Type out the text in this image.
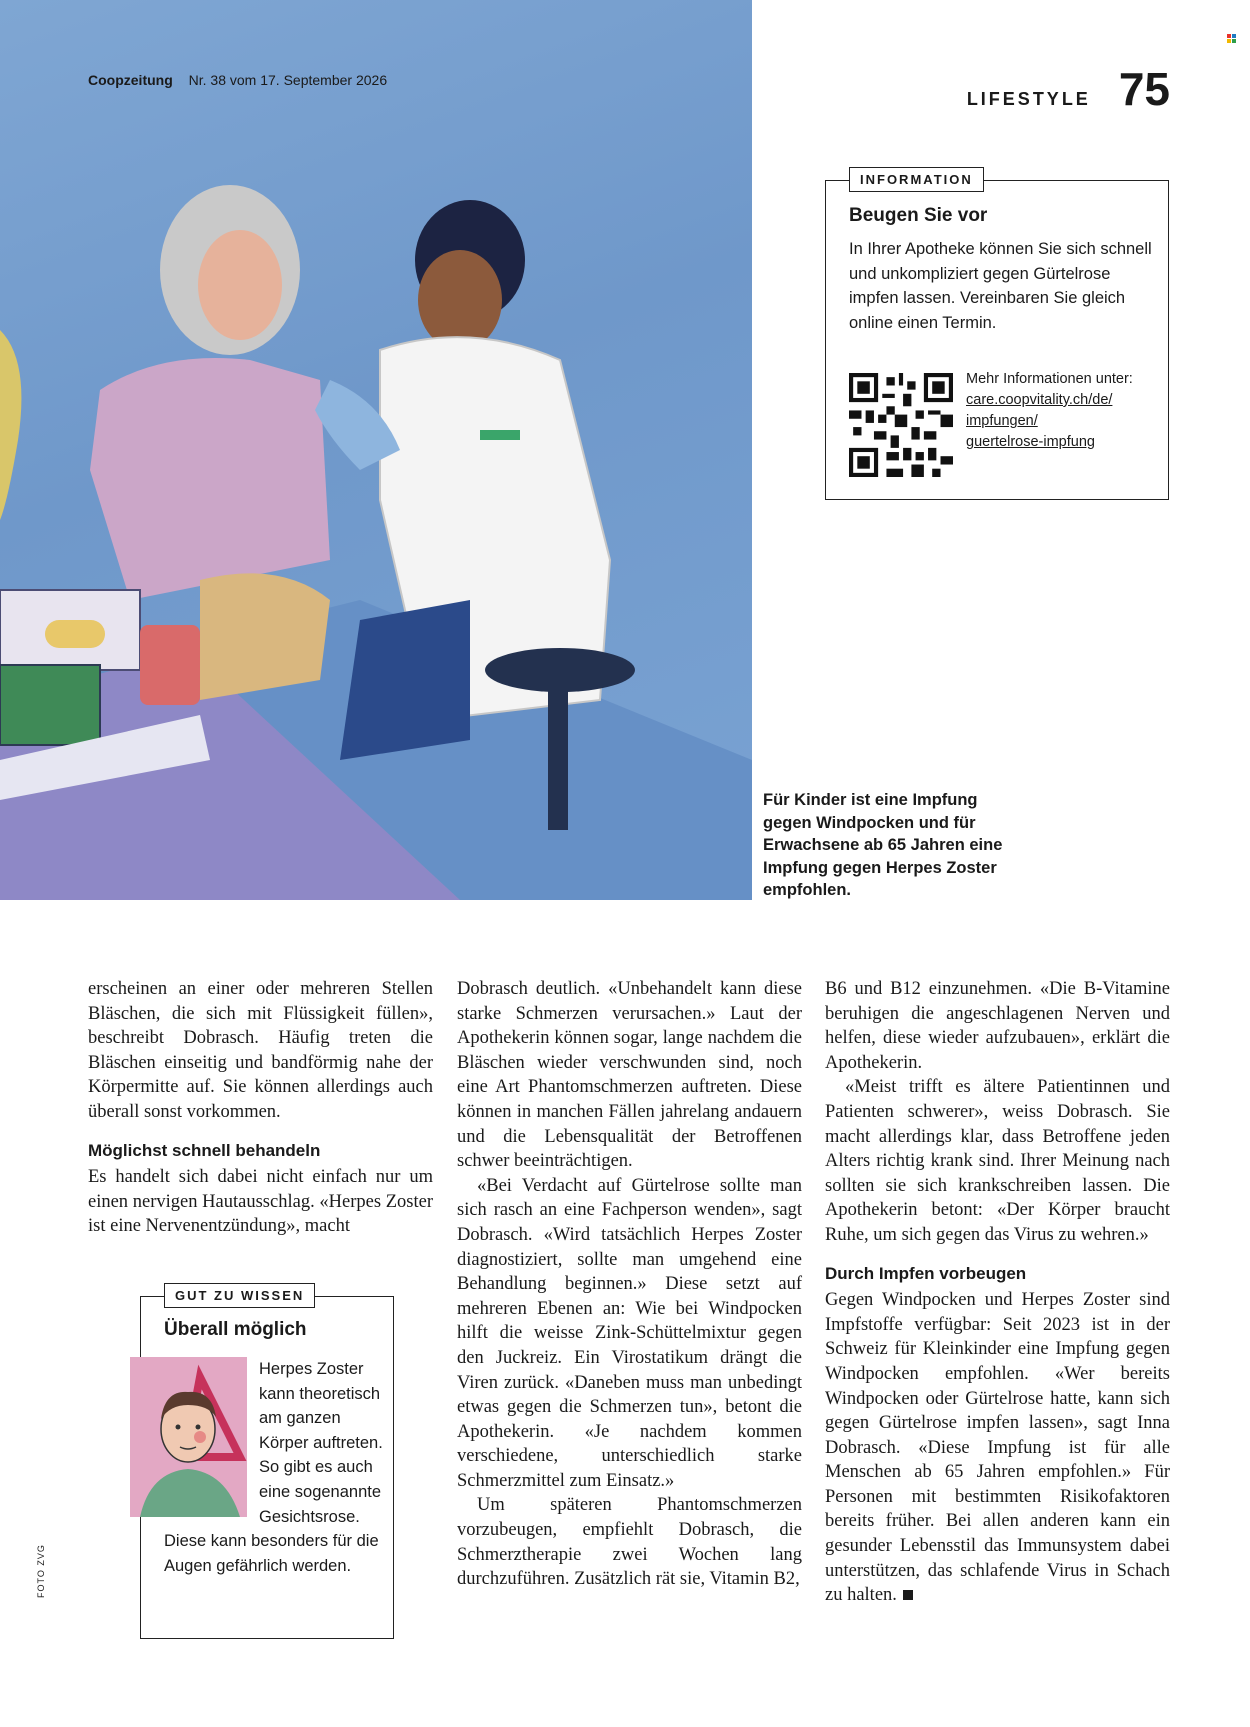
Coopzeitung Nr. 38 vom 17. September 2026
LIFESTYLE 75
INFORMATION
Beugen Sie vor
In Ihrer Apotheke können Sie sich schnell und unkompliziert gegen Gürtelrose impfen lassen. Vereinbaren Sie gleich online einen Termin.
Mehr Informationen unter:
care.coopvitality.ch/de/
impfungen/
guertelrose-impfung
Für Kinder ist eine Impfung gegen Windpocken und für Erwachsene ab 65 Jahren eine Impfung gegen Herpes Zoster empfohlen.

erscheinen an einer oder mehreren Stellen Bläschen, die sich mit Flüssigkeit füllen», beschreibt Dobrasch. Häufig treten die Bläschen einseitig und bandförmig nahe der Körpermitte auf. Sie können allerdings auch überall sonst vorkommen.

Möglichst schnell behandeln

Es handelt sich dabei nicht einfach nur um einen nervigen Hautausschlag. «Herpes Zoster ist eine Nervenentzündung», macht

Dobrasch deutlich. «Unbehandelt kann diese starke Schmerzen verursachen.» Laut der Apothekerin können sogar, lange nachdem die Bläschen wieder verschwunden sind, noch eine Art Phantomschmerzen auftreten. Diese können in manchen Fällen jahrelang andauern und die Lebensqualität der Betroffenen schwer beeinträchtigen.

«Bei Verdacht auf Gürtelrose sollte man sich rasch an eine Fachperson wenden», sagt Dobrasch. «Wird tatsächlich Herpes Zoster diagnostiziert, sollte man umgehend eine Behandlung beginnen.» Diese setzt auf mehreren Ebenen an: Wie bei Windpocken hilft die weisse Zink-Schüttelmixtur gegen den Juckreiz. Ein Virostatikum drängt die Viren zurück. «Daneben muss man unbedingt etwas gegen die Schmerzen tun», betont die Apothekerin. «Je nachdem kommen verschiedene, unterschiedlich starke Schmerzmittel zum Einsatz.»

Um späteren Phantomschmerzen vorzubeugen, empfiehlt Dobrasch, die Schmerztherapie zwei Wochen lang durchzuführen. Zusätzlich rät sie, Vitamin B2,

B6 und B12 einzunehmen. «Die B-Vitamine beruhigen die angeschlagenen Nerven und helfen, diese wieder aufzubauen», erklärt die Apothekerin.

«Meist trifft es ältere Patientinnen und Patienten schwerer», weiss Dobrasch. Sie macht allerdings klar, dass Betroffene jeden Alters richtig krank sind. Ihrer Meinung nach sollten sie sich krankschreiben lassen. Die Apothekerin betont: «Der Körper braucht Ruhe, um sich gegen das Virus zu wehren.»

Durch Impfen vorbeugen

Gegen Windpocken und Herpes Zoster sind Impfstoffe verfügbar: Seit 2023 ist in der Schweiz für Kleinkinder eine Impfung gegen Windpocken empfohlen. «Wer bereits Windpocken oder Gürtelrose hatte, kann sich gegen Gürtelrose impfen lassen», sagt Inna Dobrasch. «Diese Impfung ist für alle Menschen ab 65 Jahren empfohlen.» Für Personen mit bestimmten Risikofaktoren bereits früher. Bei allen anderen kann ein gesunder Lebensstil das Immunsystem dabei unterstützen, das schlafende Virus in Schach zu halten.

GUT ZU WISSEN
Überall möglich
Herpes Zoster kann theoretisch am ganzen Körper auftreten. So gibt es auch eine sogenannte Gesichtsrose. Diese kann besonders für die Augen gefährlich werden.
FOTO ZVG
